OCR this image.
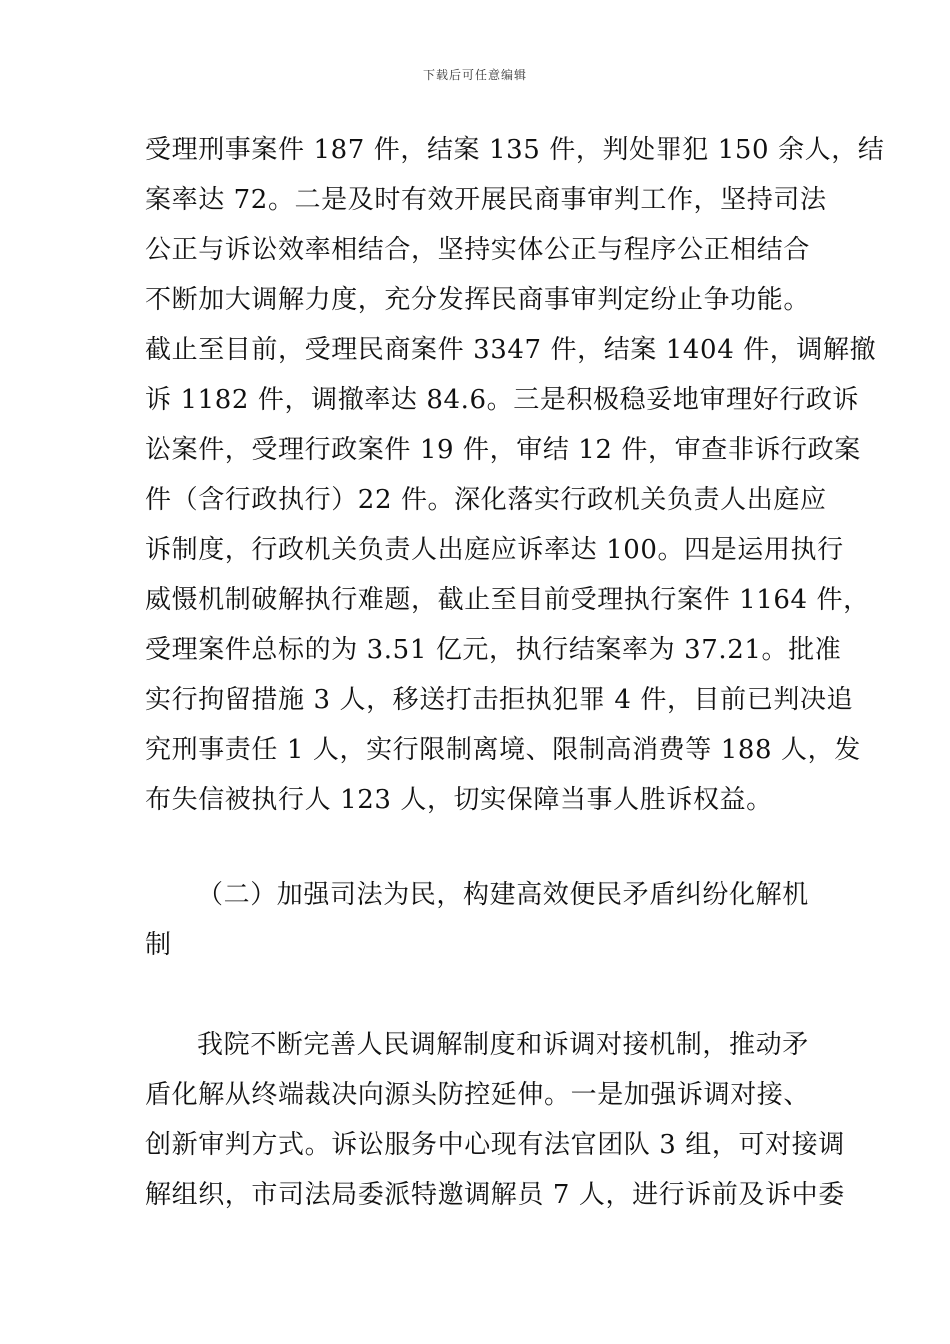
下载后可任意编辑
受理刑事案件 187 件，结案 135 件，判处罪犯 150 余人，结
案率达 72。二是及时有效开展民商事审判工作，坚持司法
公正与诉讼效率相结合，坚持实体公正与程序公正相结合
不断加大调解力度，充分发挥民商事审判定纷止争功能。
截止至目前，受理民商案件 3347 件，结案 1404 件，调解撤
诉 1182 件，调撤率达 84.6。三是积极稳妥地审理好行政诉
讼案件，受理行政案件 19 件，审结 12 件，审查非诉行政案
件（含行政执行）22 件。深化落实行政机关负责人出庭应
诉制度，行政机关负责人出庭应诉率达 100。四是运用执行
威慑机制破解执行难题，截止至目前受理执行案件 1164 件，
受理案件总标的为 3.51 亿元，执行结案率为 37.21。批准
实行拘留措施 3 人，移送打击拒执犯罪 4 件，目前已判决追
究刑事责任 1 人，实行限制离境、限制高消费等 188 人，发
布失信被执行人 123 人，切实保障当事人胜诉权益。
（二）加强司法为民，构建高效便民矛盾纠纷化解机
制
我院不断完善人民调解制度和诉调对接机制，推动矛
盾化解从终端裁决向源头防控延伸。一是加强诉调对接、
创新审判方式。诉讼服务中心现有法官团队 3 组，可对接调
解组织，市司法局委派特邀调解员 7 人，进行诉前及诉中委
